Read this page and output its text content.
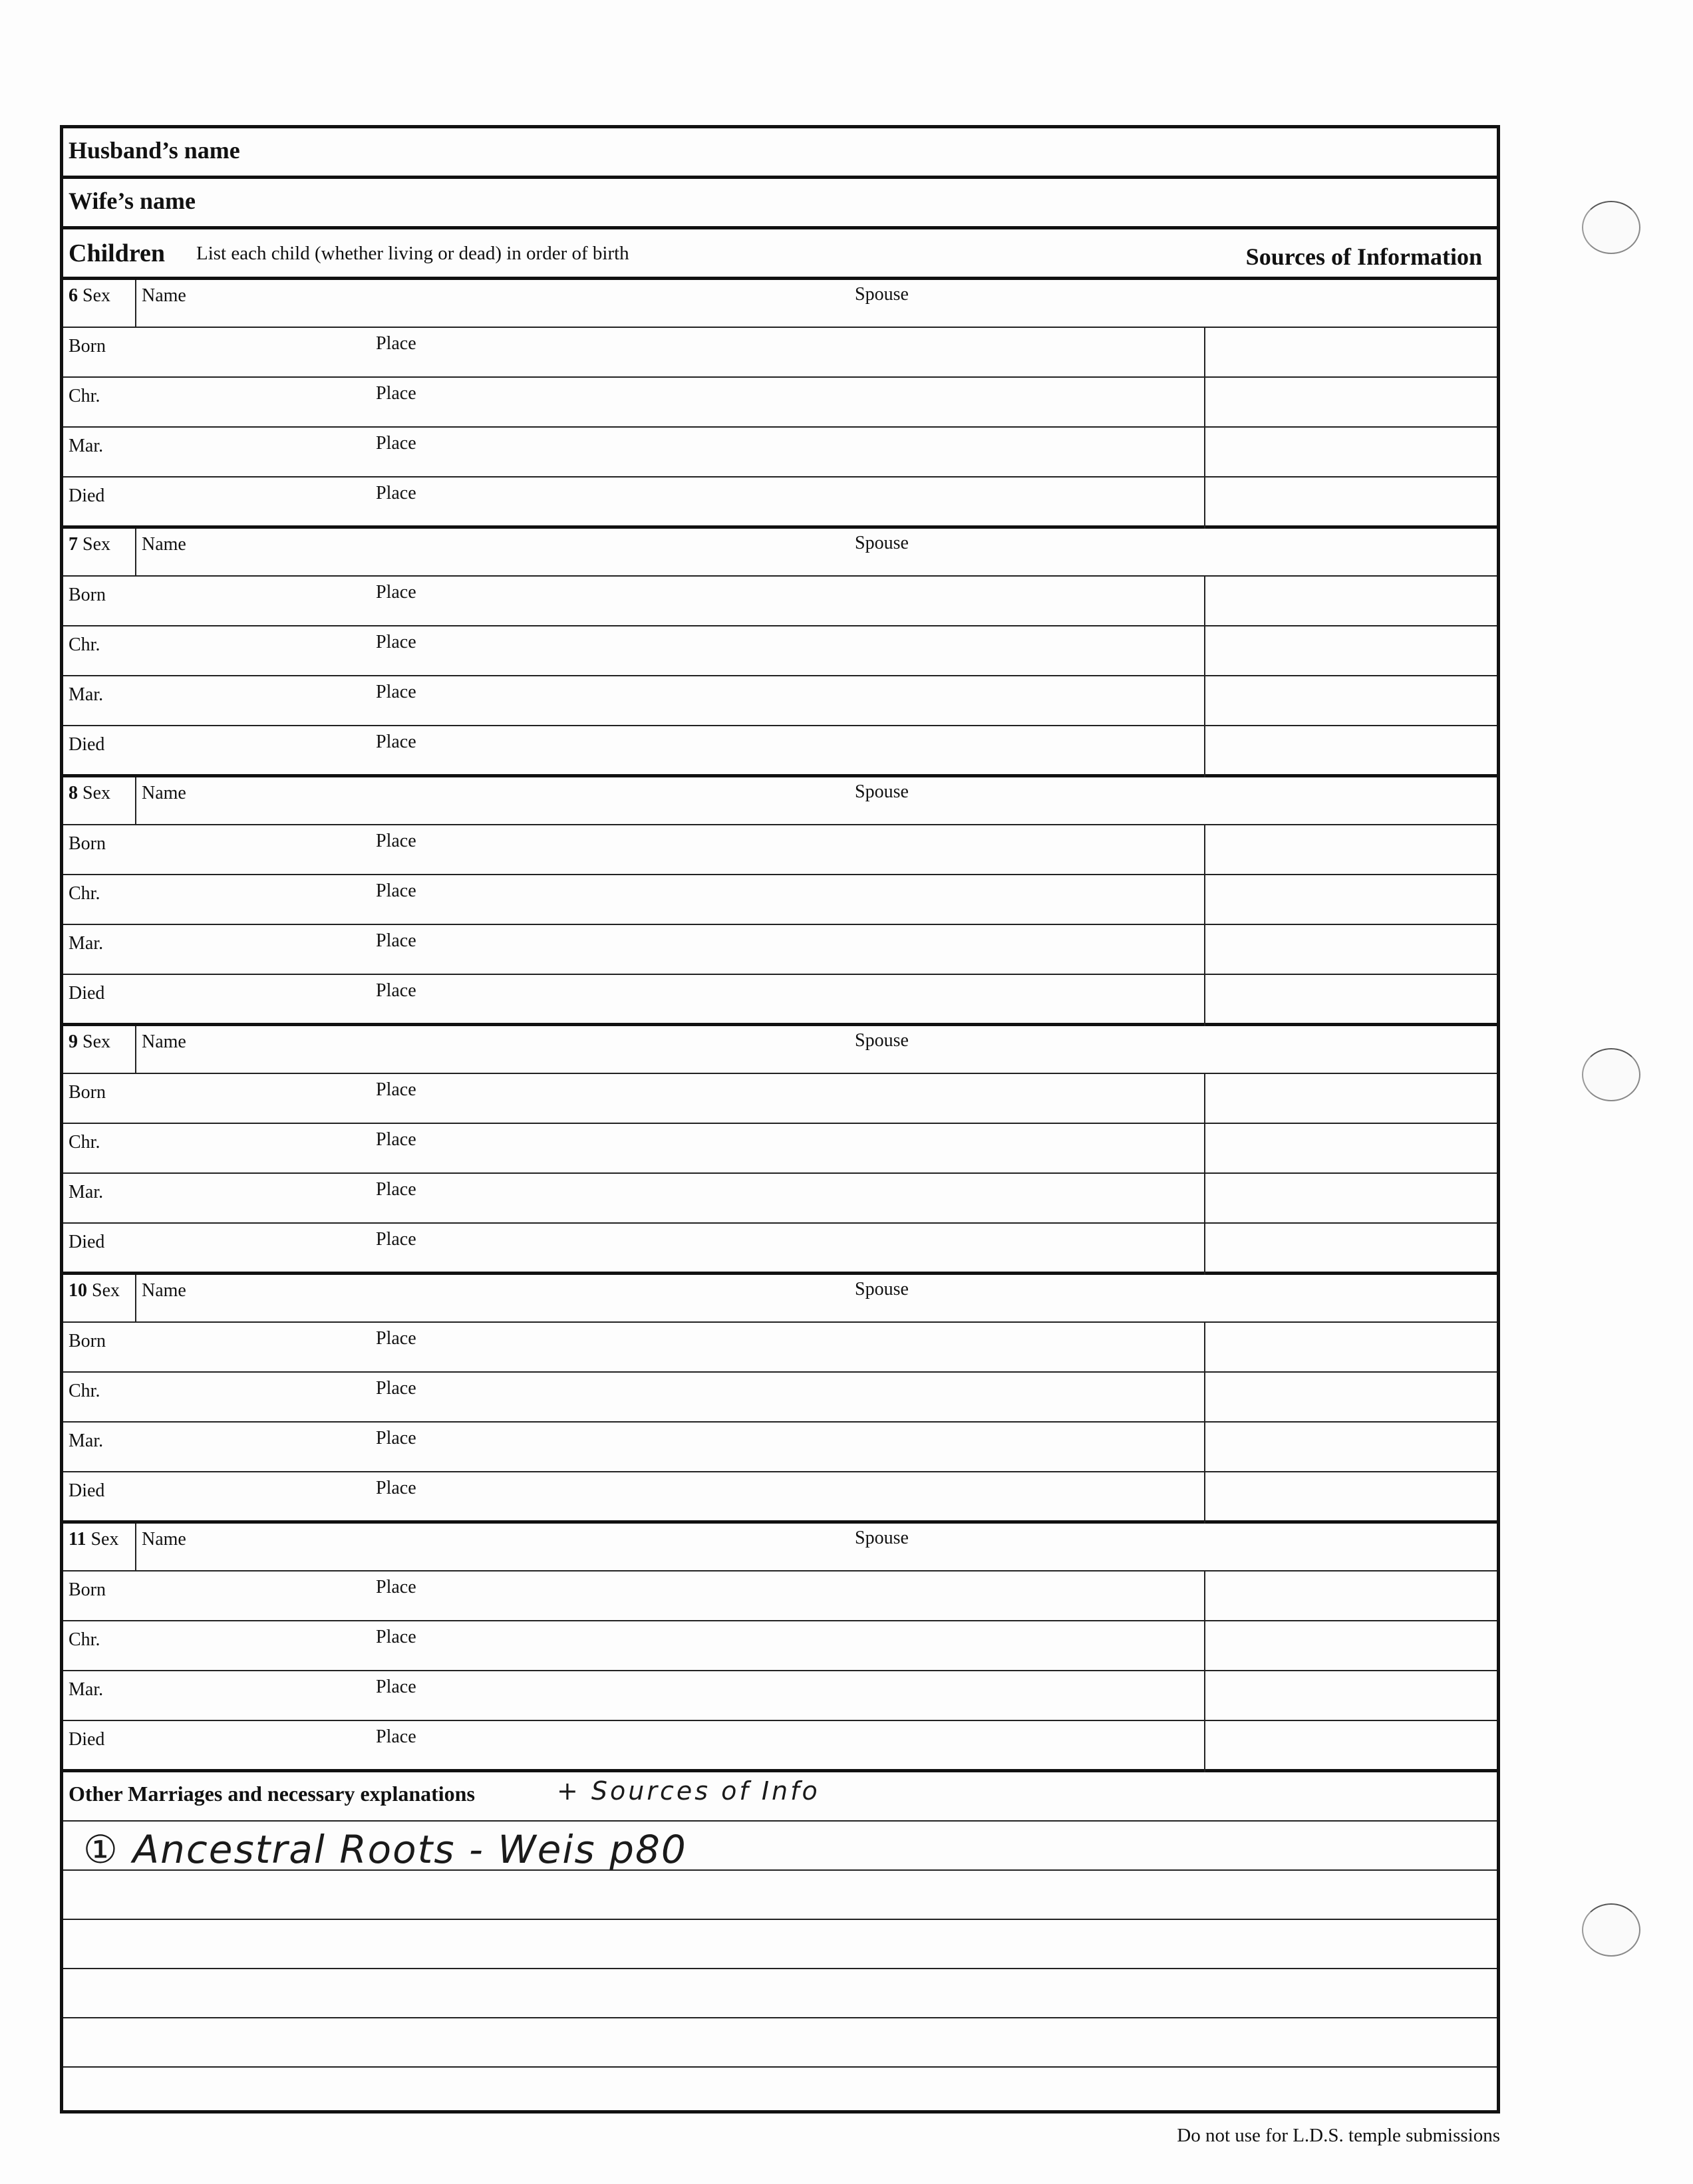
Husband’s name
Wife’s name
Children List each child (whether living or dead) in order of birth	Sources of Information
6 Sex Name	Spouse
Born	Place
Chr.	Place
Mar.	Place
Died	Place
7 Sex Name	Spouse
Born	Place
Chr.	Place
Mar.	Place
Died	Place
8 Sex Name	Spouse
Born	Place
Chr.	Place
Mar.	Place
Died	Place
9 Sex Name	Spouse
Born	Place
Chr.	Place
Mar.	Place
Died	Place
10 Sex Name	Spouse
Born	Place
Chr.	Place
Mar.	Place
Died	Place
11 Sex Name	Spouse
Born	Place
Chr.	Place
Mar.	Place
Died	Place
Other Marriages and necessary explanations	+ Sources of Info
① Ancestral Roots - Weis p80
Do not use for L.D.S. temple submissions
